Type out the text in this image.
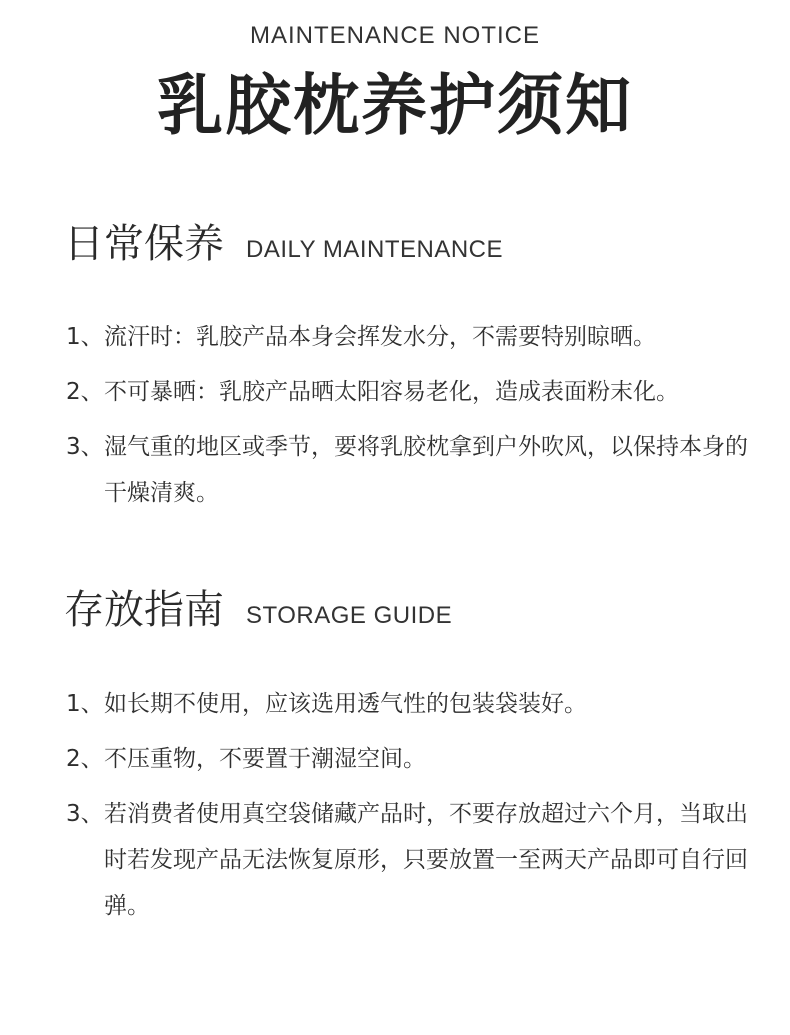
MAINTENANCE NOTICE
乳胶枕养护须知
日常保养 DAILY MAINTENANCE
1、 流汗时：乳胶产品本身会挥发水分，不需要特别晾晒。
2、 不可暴晒：乳胶产品晒太阳容易老化，造成表面粉末化。
3、 湿气重的地区或季节，要将乳胶枕拿到户外吹风，以保持本身的干燥清爽。
存放指南 STORAGE GUIDE
1、 如长期不使用，应该选用透气性的包装袋装好。
2、 不压重物，不要置于潮湿空间。
3、 若消费者使用真空袋储藏产品时，不要存放超过六个月，当取出时若发现产品无法恢复原形，只要放置一至两天产品即可自行回弹。
